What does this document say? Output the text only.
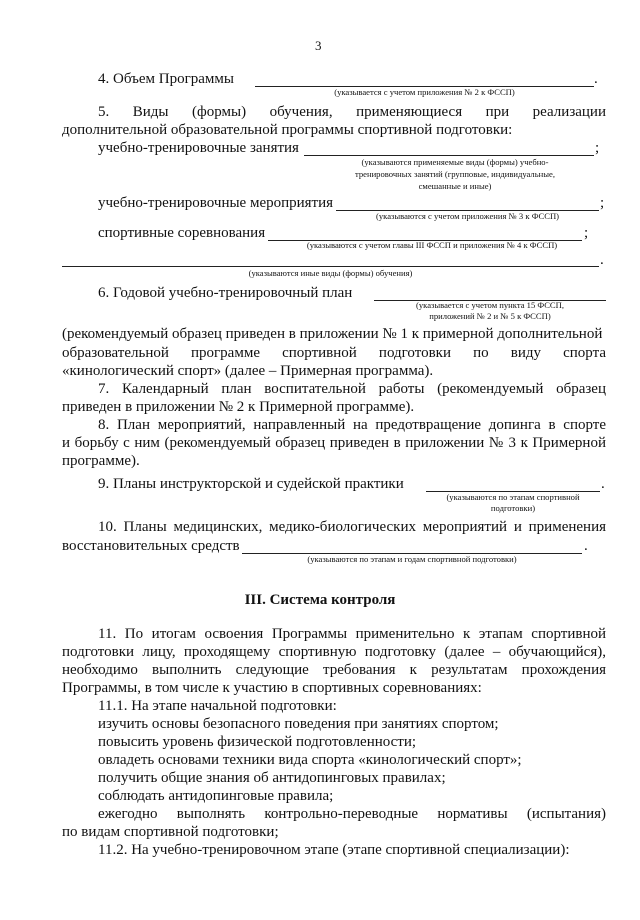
3
4. Объем Программы	.
(указывается с учетом приложения № 2 к ФССП)
5. Виды (формы) обучения, применяющиеся при реализации
дополнительной образовательной программы спортивной подготовки:
учебно-тренировочные занятия	;
(указываются применяемые виды (формы) учебно-
тренировочных занятий (групповые, индивидуальные,
смешанные и иные)
учебно-тренировочные мероприятия	;
(указываются с учетом приложения № 3 к ФССП)
спортивные соревнования	;
(указываются с учетом главы III ФССП и приложения № 4 к ФССП)
.
(указываются иные виды (формы) обучения)
6. Годовой учебно-тренировочный план
(указывается с учетом пункта 15 ФССП,
приложений № 2 и № 5 к ФССП)
(рекомендуемый образец приведен в приложении № 1 к примерной дополнительной
образовательной программе спортивной подготовки по виду спорта
«кинологический спорт» (далее – Примерная программа).
7. Календарный план воспитательной работы (рекомендуемый образец
приведен в приложении № 2 к Примерной программе).
8. План мероприятий, направленный на предотвращение допинга в спорте
и борьбу с ним (рекомендуемый образец приведен в приложении № 3 к Примерной
программе).
9. Планы инструкторской и судейской практики	.
(указываются по этапам спортивной
подготовки)
10. Планы медицинских, медико-биологических мероприятий и применения
восстановительных средств	.
(указываются по этапам и годам спортивной подготовки)
III. Система контроля
11. По итогам освоения Программы применительно к этапам спортивной
подготовки лицу, проходящему спортивную подготовку (далее – обучающийся),
необходимо выполнить следующие требования к результатам прохождения
Программы, в том числе к участию в спортивных соревнованиях:
11.1. На этапе начальной подготовки:
изучить основы безопасного поведения при занятиях спортом;
повысить уровень физической подготовленности;
овладеть основами техники вида спорта «кинологический спорт»;
получить общие знания об антидопинговых правилах;
соблюдать антидопинговые правила;
ежегодно выполнять контрольно-переводные нормативы (испытания)
по видам спортивной подготовки;
11.2. На учебно-тренировочном этапе (этапе спортивной специализации):
